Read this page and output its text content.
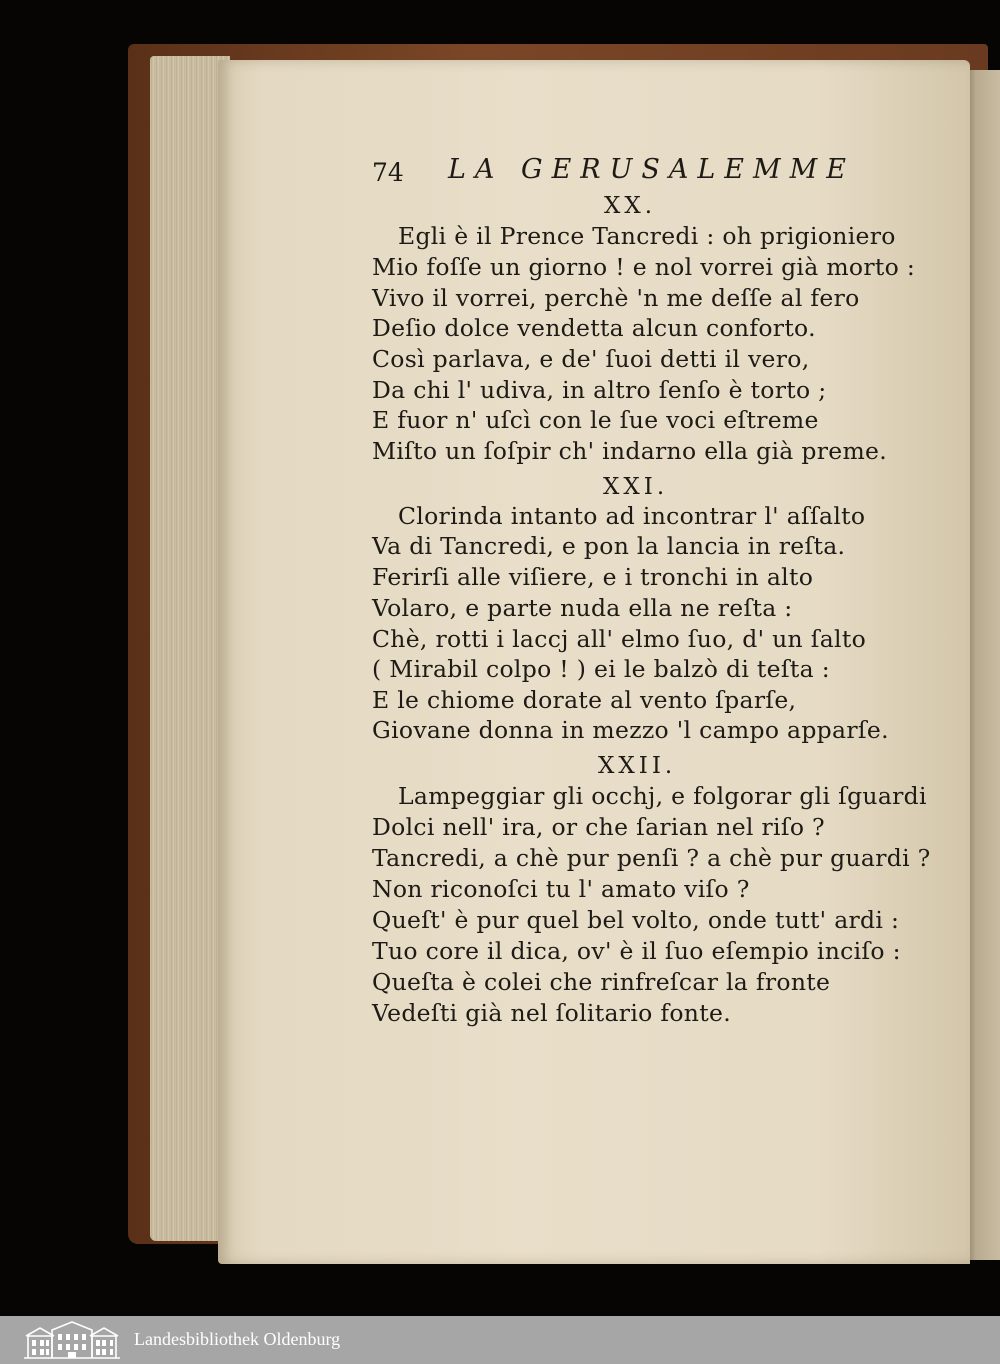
74 LA GERUSALEMME
XX.
Egli è il Prence Tancredi : oh prigioniero
Mio foſſe un giorno ! e nol vorrei già morto :
Vivo il vorrei, perchè 'n me deſſe al fero
Deſio dolce vendetta alcun conforto.
Così parlava, e de' ſuoi detti il vero,
Da chi l' udiva, in altro ſenſo è torto ;
E fuor n' uſcì con le ſue voci eſtreme
Miſto un ſoſpir ch' indarno ella già preme.
XXI.
Clorinda intanto ad incontrar l' aſſalto
Va di Tancredi, e pon la lancia in reſta.
Ferirſi alle viſiere, e i tronchi in alto
Volaro, e parte nuda ella ne reſta :
Chè, rotti i laccj all' elmo ſuo, d' un ſalto
( Mirabil colpo ! ) ei le balzò di teſta :
E le chiome dorate al vento ſparſe,
Giovane donna in mezzo 'l campo apparſe.
XXII.
Lampeggiar gli occhj, e folgorar gli ſguardi
Dolci nell' ira, or che ſarian nel riſo ?
Tancredi, a chè pur penſi ? a chè pur guardi ?
Non riconoſci tu l' amato viſo ?
Queſt' è pur quel bel volto, onde tutt' ardi :
Tuo core il dica, ov' è il ſuo eſempio inciſo :
Queſta è colei che rinfreſcar la fronte
Vedeſti già nel ſolitario fonte.
Landesbibliothek Oldenburg
